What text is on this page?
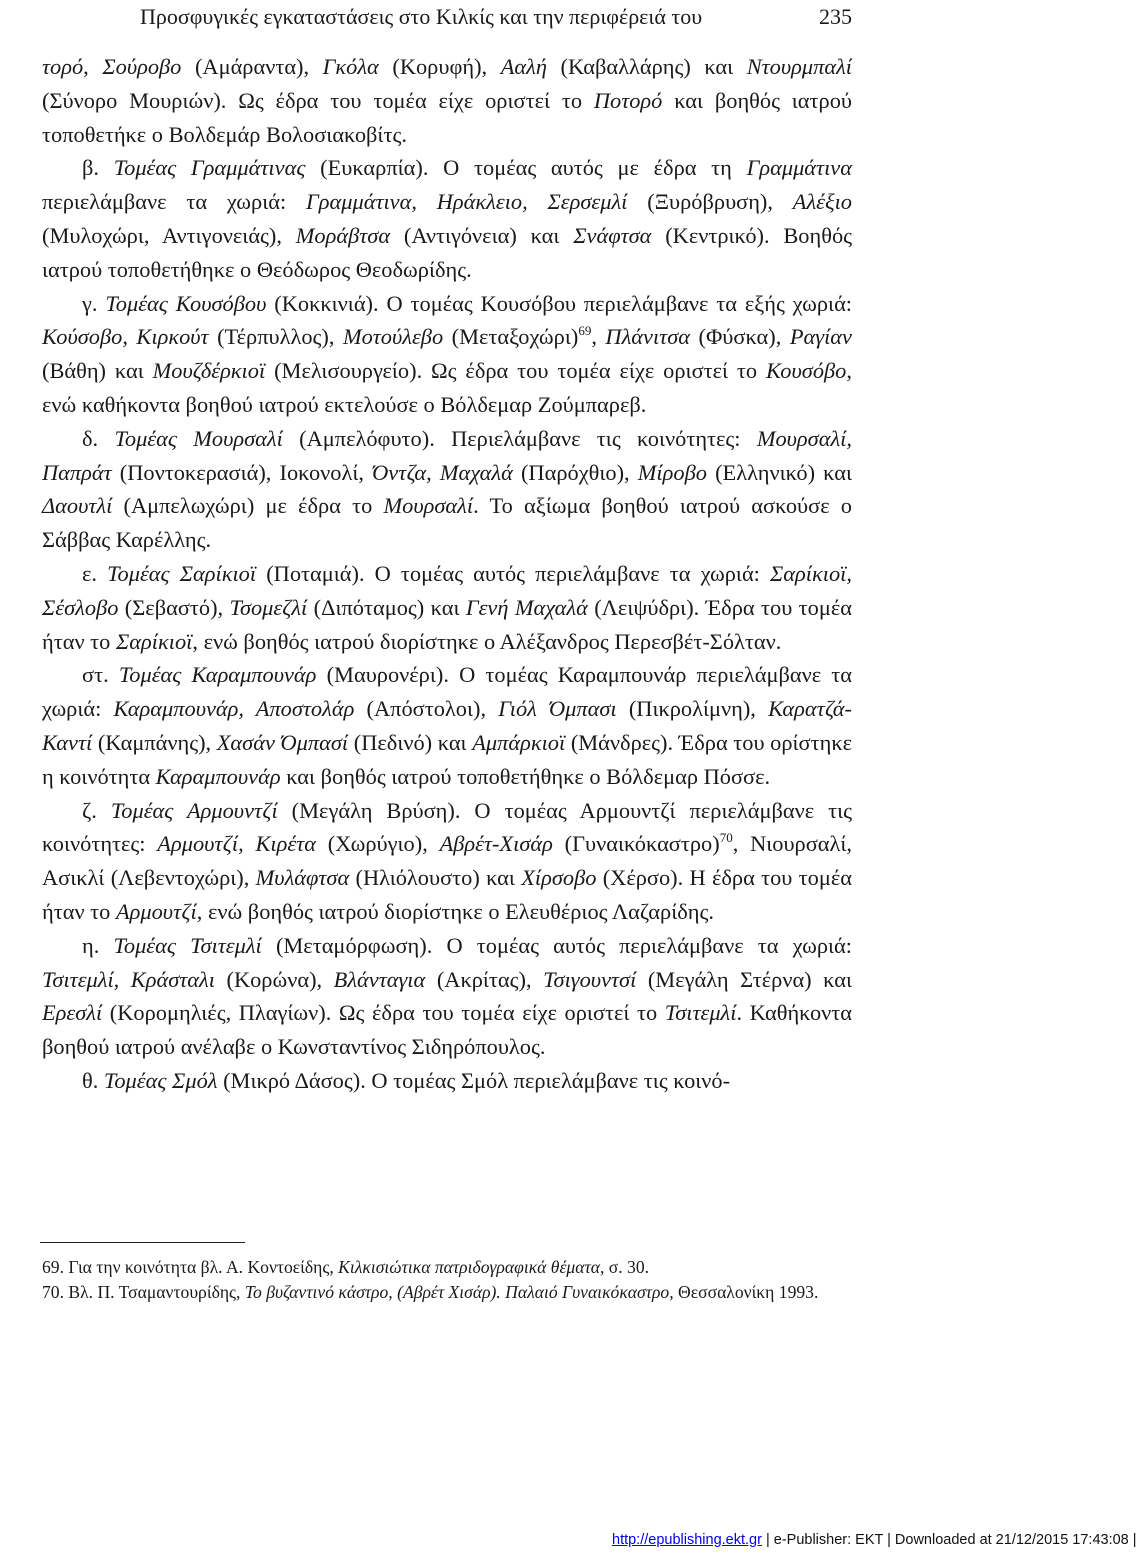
Προσφυγικές εγκαταστάσεις στο Κιλκίς και την περιφέρειά του	235

τορό, Σούροβο (Αμάραντα), Γκόλα (Κορυφή), Ααλή (Καβαλλάρης) και Ντουρμπαλί (Σύνορο Μουριών). Ως έδρα του τομέα είχε οριστεί το Ποτορό και βοηθός ιατρού τοποθετήκε ο Βολδεμάρ Βολοσιακοβίτς.

β. Τομέας Γραμμάτινας (Ευκαρπία). Ο τομέας αυτός με έδρα τη Γραμμάτινα περιελάμβανε τα χωριά: Γραμμάτινα, Ηράκλειο, Σερσεμλί (Ξυρόβρυση), Αλέξιο (Μυλοχώρι, Αντιγονειάς), Μοράβτσα (Αντιγόνεια) και Σνάφτσα (Κεντρικό). Βοηθός ιατρού τοποθετήθηκε ο Θεόδωρος Θεοδωρίδης.

γ. Τομέας Κουσόβου (Κοκκινιά). Ο τομέας Κουσόβου περιελάμβανε τα εξής χωριά: Κούσοβο, Κιρκούτ (Τέρπυλλος), Μοτούλεβο $(M\varepsilon\tau\alpha\xi o\chi ώ\rho\iota)^{69}$, Πλάνιτσα (Φύσκα), Ραγίαν (Βάθη) και Μουζδέρκιοϊ (Μελισουργείο). Ως έδρα του τομέα είχε οριστεί το Κουσόβο, ενώ καθήκοντα βοηθού ιατρού εκτελούσε ο Βόλδεμαρ Ζούμπαρεβ.

δ. Τομέας Μουρσαλί (Αμπελόφυτο). Περιελάμβανε τις κοινότητες: Μουρσαλί, Παπράτ (Ποντοκερασιά), Ιοκονολί, Όντζα, Μαχαλά (Παρόχθιο), Μίροβο (Ελληνικό) και Δαουτλί (Αμπελωχώρι) με έδρα το Μουρσαλί. Το αξίωμα βοηθού ιατρού ασκούσε ο Σάββας Καρέλλης.

ε. Τομέας Σαρίκιοϊ (Ποταμιά). Ο τομέας αυτός περιελάμβανε τα χωριά: Σαρίκιοϊ, Σέσλοβο (Σεβαστό), Τσομεζλί (Διπόταμος) και Γενή Μαχαλά (Λειψύδρι). Έδρα του τομέα ήταν το Σαρίκιοϊ, ενώ βοηθός ιατρού διορίστηκε ο Αλέξανδρος Περεσβέτ-Σόλταν.

στ. Τομέας Καραμπουνάρ (Μαυρονέρι). Ο τομέας Καραμπουνάρ περιελάμβανε τα χωριά: Καραμπουνάρ, Αποστολάρ (Απόστολοι), Γιόλ Όμπασι (Πικρολίμνη), Καρατζά-Καντί (Καμπάνης), Χασάν Όμπασί (Πεδινό) και Αμπάρκιοϊ (Μάνδρες). Έδρα του ορίστηκε η κοινότητα Καραμπουνάρ και βοηθός ιατρού τοποθετήθηκε ο Βόλδεμαρ Πόσσε.

ζ. Τομέας Αρμουντζί (Μεγάλη Βρύση). Ο τομέας Αρμουντζί περιελάμβανε τις κοινότητες: Αρμουτζί, Κιρέτα (Χωρύγιο), Αβρέτ-Χισάρ $(\Gamma\upsilon\nu\alpha\iota\kappa ό\kappa\alpha\sigma\tau\rho o)^{70}$, Νιουρσαλί, Ασικλί (Λεβεντοχώρι), Μυλάφτσα (Ηλιόλουστο) και Χίρσοβο (Χέρσο). Η έδρα του τομέα ήταν το Αρμουτζί, ενώ βοηθός ιατρού διορίστηκε ο Ελευθέριος Λαζαρίδης.

η. Τομέας Τσιτεμλί (Μεταμόρφωση). Ο τομέας αυτός περιελάμβανε τα χωριά: Τσιτεμλί, Κράσταλι (Κορώνα), Βλάνταγια (Ακρίτας), Τσιγουντσί (Μεγάλη Στέρνα) και Ερεσλί (Κορομηλιές, Πλαγίων). Ως έδρα του τομέα είχε οριστεί το Τσιτεμλί. Καθήκοντα βοηθού ιατρού ανέλαβε ο Κωνσταντίνος Σιδηρόπουλος.

θ. Τομέας Σμόλ (Μικρό Δάσος). Ο τομέας Σμόλ περιελάμβανε τις κοινό-

69. Για την κοινότητα βλ. Α. Κοντοείδης, Κιλκισιώτικα πατριδογραφικά θέματα, σ. 30.

70. Βλ. Π. Τσαμαντουρίδης, Το βυζαντινό κάστρο, (Αβρέτ Χισάρ). Παλαιό Γυναικόκαστρο, Θεσσαλονίκη 1993.

http://epublishing.ekt.gr | e-Publisher: EKT | Downloaded at 21/12/2015 17:43:08 |
